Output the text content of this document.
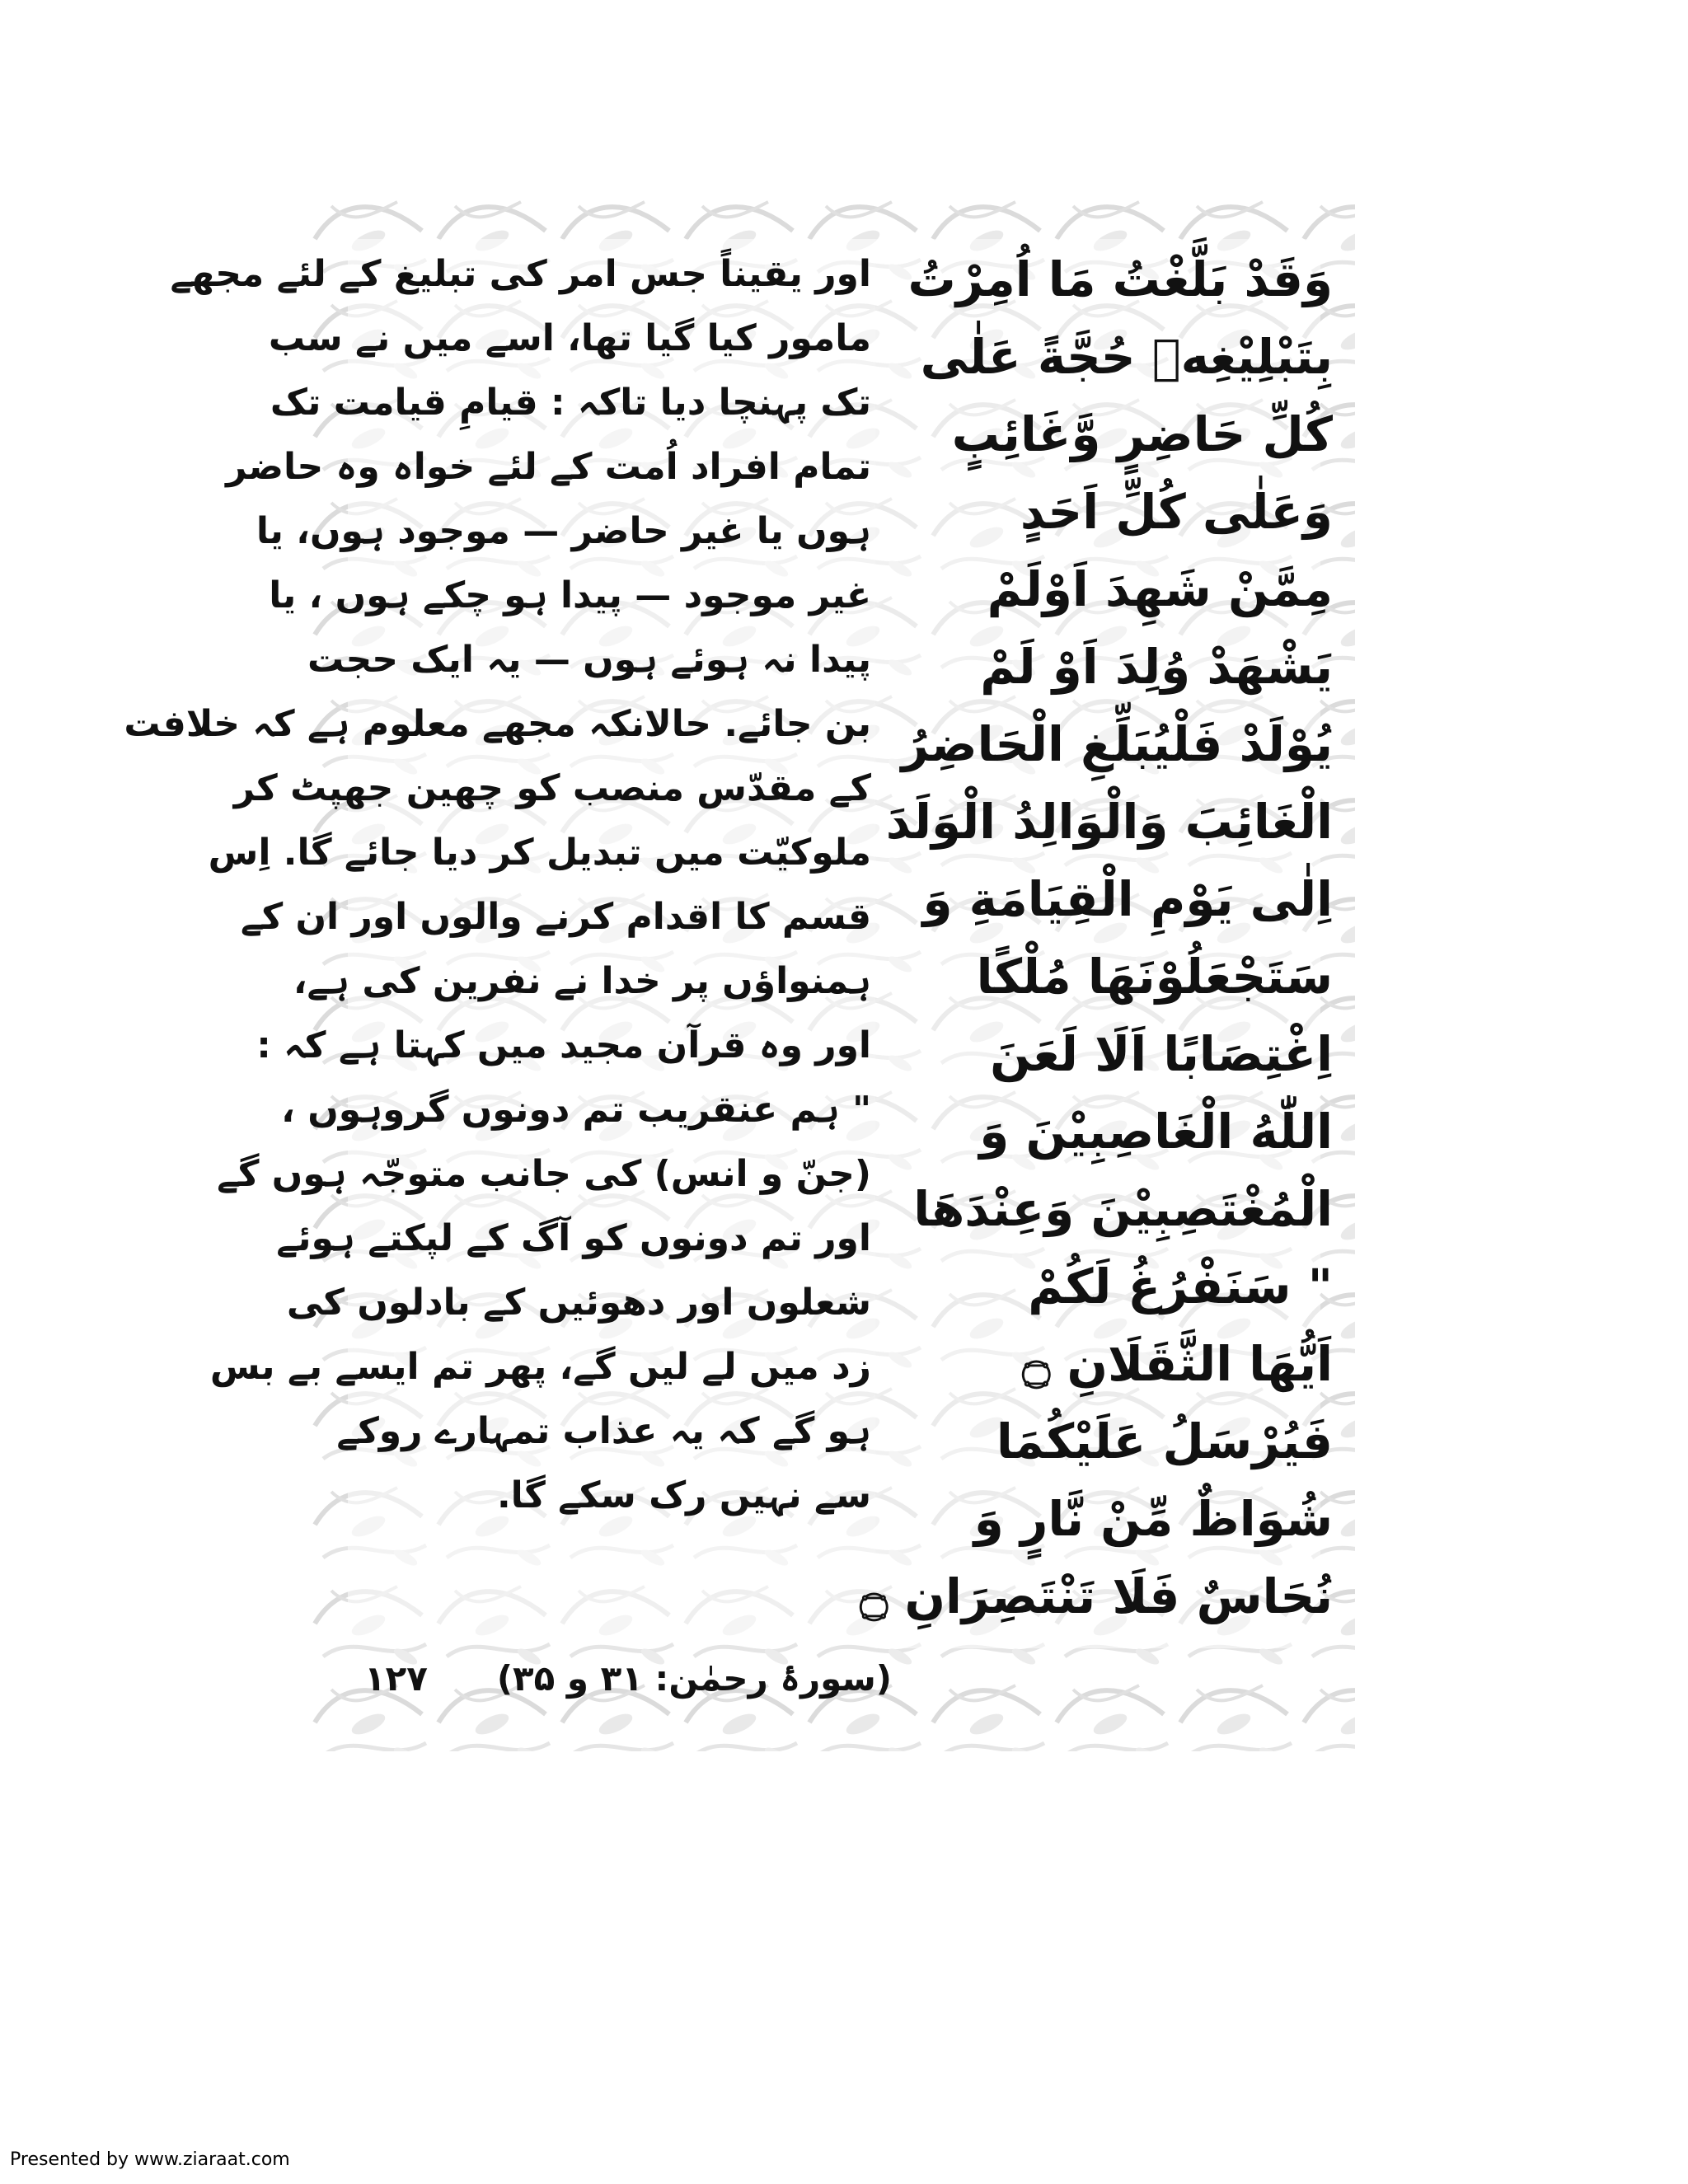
اور یقیناً جس امر کی تبلیغ کے لئے مجھے
مامور کیا گیا تھا، اسے میں نے سب
تک پہنچا دیا تاکہ : قیامِ قیامت تک
تمام افراد اُمت کے لئے خواہ وہ حاضر
ہوں یا غیر حاضر — موجود ہوں، یا
غیر موجود — پیدا ہو چکے ہوں ، یا
پیدا نہ ہوئے ہوں — یہ ایک حجت
بن جائے. حالانکہ مجھے معلوم ہے کہ خلافت
کے مقدّس منصب کو چھین جھپٹ کر
ملوکیّت میں تبدیل کر دیا جائے گا. اِس
قسم کا اقدام کرنے والوں اور ان کے
ہمنواؤں پر خدا نے نفرین کی ہے،
اور وہ قرآن مجید میں کہتا ہے کہ :
" ہم عنقریب تم دونوں گروہوں ،
(جنّ و انس) کی جانب متوجّہ ہوں گے
اور تم دونوں کو آگ کے لپکتے ہوئے
شعلوں اور دھوئیں کے بادلوں کی
زد میں لے لیں گے، پھر تم ایسے بے بس
ہو گے کہ یہ عذاب تمہارے روکے
سے نہیں رک سکے گا.
وَقَدْ بَلَّغْتُ مَا اُمِرْتُ
بِتَبْلِيْغِهٖ حُجَّةً عَلٰى
كُلِّ حَاضِرٍ وَّغَائِبٍ
وَعَلٰى كُلِّ اَحَدٍ
مِمَّنْ شَهِدَ اَوْلَمْ
يَشْهَدْ وُلِدَ اَوْ لَمْ
يُوْلَدْ فَلْيُبَلِّغِ الْحَاضِرُ
الْغَائِبَ وَالْوَالِدُ الْوَلَدَ
اِلٰى يَوْمِ الْقِيَامَةِ وَ
سَتَجْعَلُوْنَهَا مُلْكًا
اِغْتِصَابًا اَلَا لَعَنَ
اللّٰهُ الْغَاصِبِيْنَ وَ
الْمُغْتَصِبِيْنَ وَعِنْدَهَا
" سَنَفْرُغُ لَكُمْ
اَيُّهَا الثَّقَلَانِ ۝
فَيُرْسَلُ عَلَيْكُمَا
شُوَاظٌ مِّنْ نَّارٍ وَ
نُحَاسٌ فَلَا تَنْتَصِرَانِ ۝
(سورۂ رحمٰن: ۳۱ و ۳۵)
۱۲۷
Presented by www.ziaraat.com
